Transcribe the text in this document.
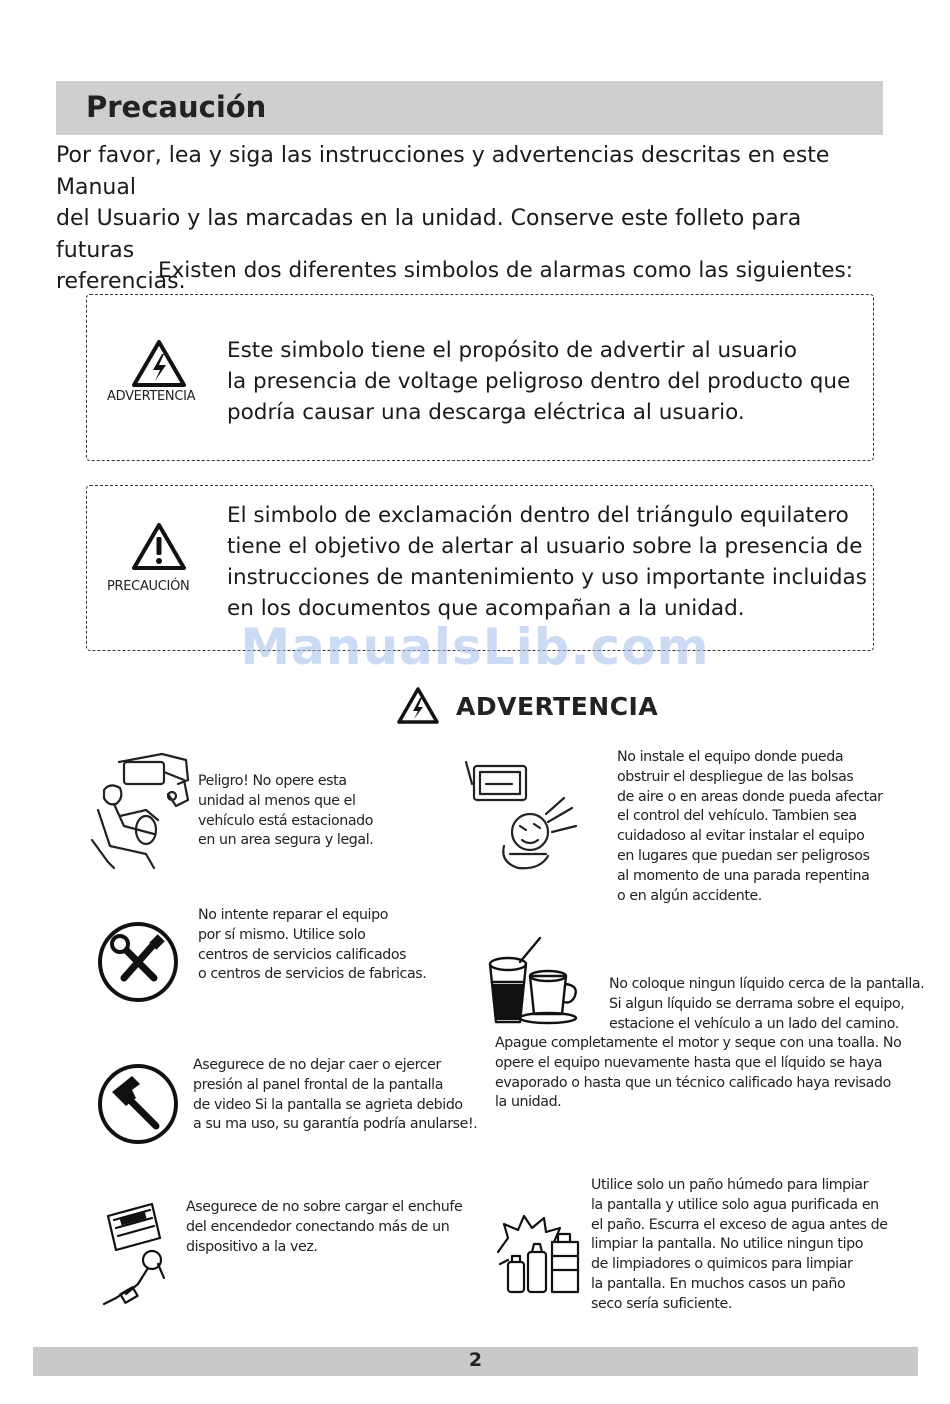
Precaución
Por favor, lea y siga las instrucciones y advertencias descritas en este Manual
del Usuario y las marcadas en la unidad. Conserve este folleto para futuras
referencias.
Existen dos diferentes simbolos de alarmas como las siguientes:
ADVERTENCIA
Este simbolo tiene el propósito de advertir al usuario
la presencia de voltage peligroso dentro del producto que
podría causar una descarga eléctrica al usuario.
PRECAUCIÓN
El simbolo de exclamación dentro del triángulo equilatero
tiene el objetivo de alertar al usuario sobre la presencia de
instrucciones de mantenimiento y uso importante incluidas
en los documentos que acompañan a la unidad.
ManualsLib.com
ADVERTENCIA
Peligro! No opere esta
unidad al menos que el
vehículo está estacionado
en un area segura y legal.
No instale el equipo donde pueda
obstruir el despliegue de las bolsas
de aire o en areas donde pueda afectar
el control del vehículo. Tambien sea
cuidadoso al evitar instalar el equipo
en lugares que puedan ser peligrosos
al momento de una parada repentina
o en algún accidente.
No intente reparar el equipo
por sí mismo. Utilice solo
centros de servicios calificados
o centros de servicios de fabricas.
No coloque ningun líquido cerca de la pantalla.
Si algun líquido se derrama sobre el equipo,
estacione el vehículo a un lado del camino.
Apague completamente el motor y seque con una toalla. No
opere el equipo nuevamente hasta que el líquido se haya
evaporado o hasta que un técnico calificado haya revisado
la unidad.
Asegurece de no dejar caer o ejercer
presión al panel frontal de la pantalla
de video Si la pantalla se agrieta debido
a su ma uso, su garantía podría anularse!.
Asegurece de no sobre cargar el enchufe
del encendedor conectando más de un
dispositivo a la vez.
Utilice solo un paño húmedo para limpiar
la pantalla y utilice solo agua purificada en
el paño. Escurra el exceso de agua antes de
limpiar la pantalla. No utilice ningun tipo
de limpiadores o quimicos para limpiar
la pantalla. En muchos casos un paño
seco sería suficiente.
2
